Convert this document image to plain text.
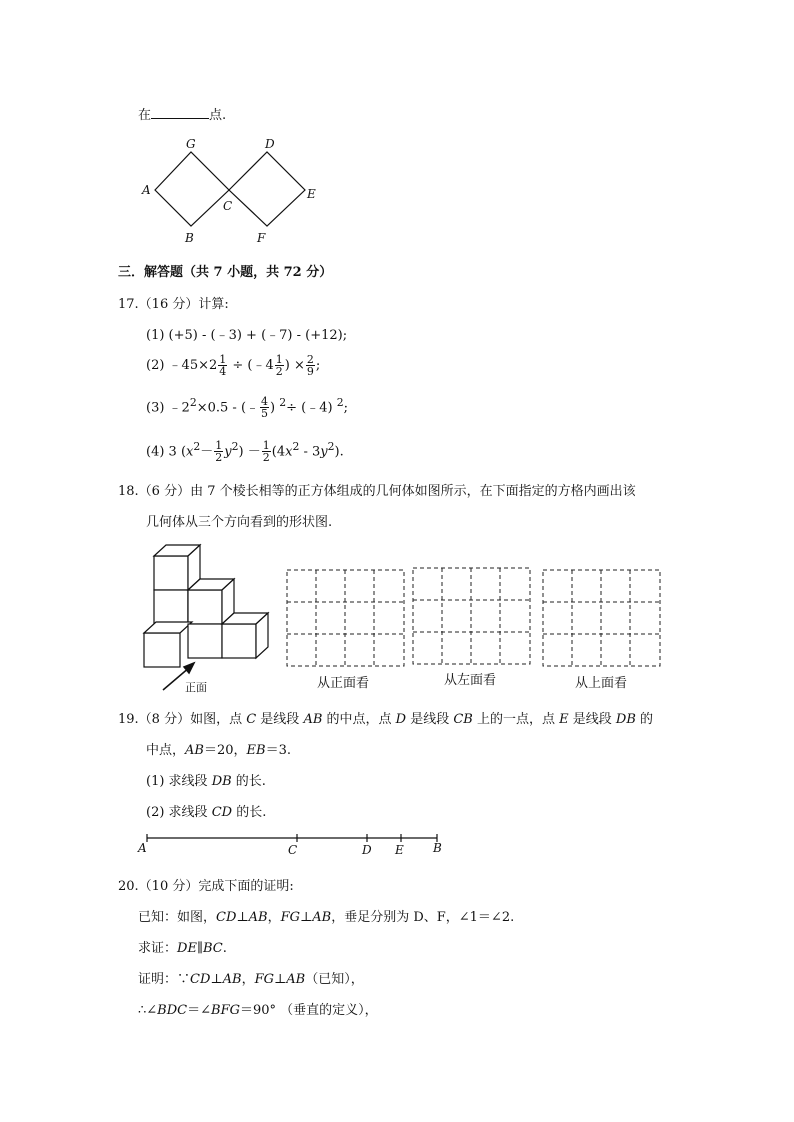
在	点.
G	D
A
C
E
B	F
三．解答题（共 7 小题，共 72 分）
17.（16 分）计算:
(1) (+5) - (﹣3) + (﹣7) - (+12);
(2) ﹣45×2 $\frac{1}{4}$ ÷ (﹣4 $\frac{1}{2}$ ) × $\frac{2}{9}$ ;
(3) $﹣2^2\times 0.5$ - (﹣ $\frac{4}{5}$ ) $^2$÷ (﹣4) $^2$;
(4) 3 $(x^2- \frac{1}{2} y^2) - \frac{1}{2} (4x^2 - 3y^2)$.
18.（6 分）由 7 个棱长相等的正方体组成的几何体如图所示，在下面指定的方格内画出该
几何体从三个方向看到的形状图.
正面	从正面看	从左面看	从上面看
19.（8 分）如图，点 C 是线段 AB 的中点，点 D 是线段 CB 上的一点，点 E 是线段 DB 的
中点，AB＝20，EB＝3.
(1) 求线段 DB 的长.
(2) 求线段 CD 的长.
A	C	D E B
20.（10 分）完成下面的证明:
已知：如图，CD⊥AB，FG⊥AB，垂足分别为 D、F，∠1＝∠2.
求证：DE∥BC.
证明：∵CD⊥AB，FG⊥AB（已知），
∴∠BDC＝∠BFG＝90° （垂直的定义），
